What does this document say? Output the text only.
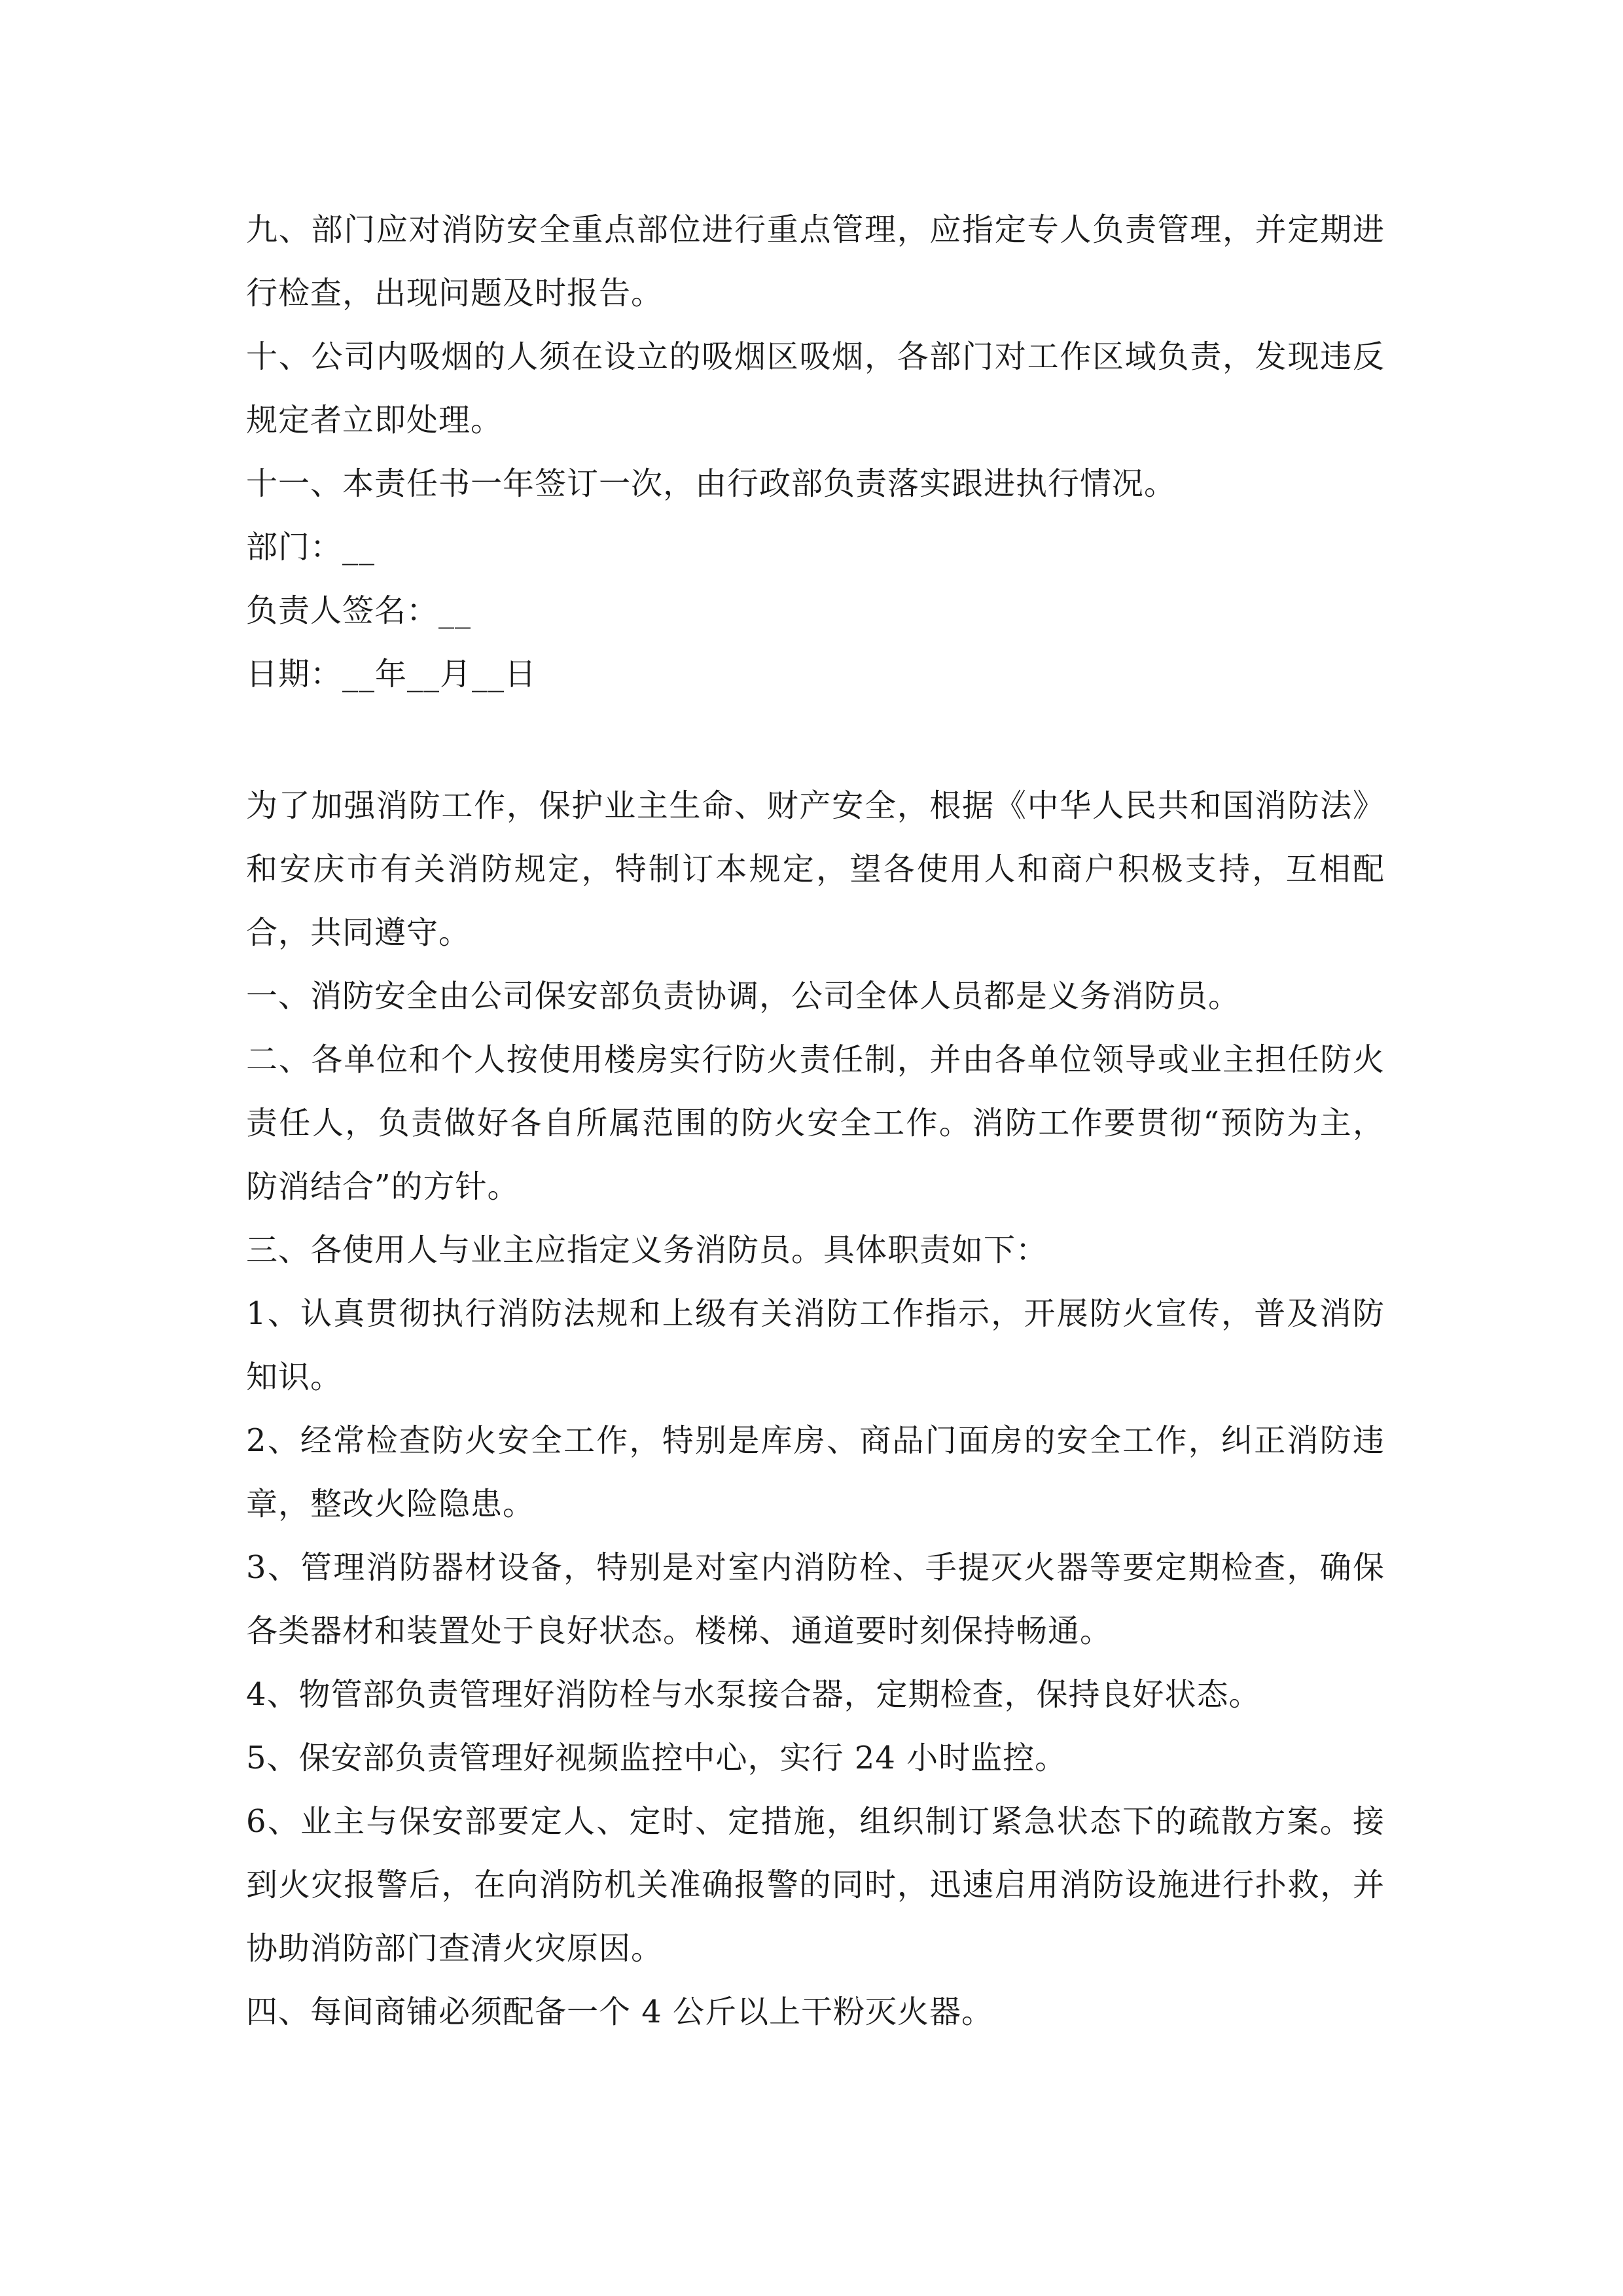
九、部门应对消防安全重点部位进行重点管理，应指定专人负责管理，并定期进行检查，出现问题及时报告。

十、公司内吸烟的人须在设立的吸烟区吸烟，各部门对工作区域负责，发现违反规定者立即处理。

十一、本责任书一年签订一次，由行政部负责落实跟进执行情况。

部门：__

负责人签名：__

日期：__年__月__日

为了加强消防工作，保护业主生命、财产安全，根据《中华人民共和国消防法》和安庆市有关消防规定，特制订本规定，望各使用人和商户积极支持，互相配合，共同遵守。

一、消防安全由公司保安部负责协调，公司全体人员都是义务消防员。

二、各单位和个人按使用楼房实行防火责任制，并由各单位领导或业主担任防火责任人，负责做好各自所属范围的防火安全工作。消防工作要贯彻“预防为主，防消结合”的方针。

三、各使用人与业主应指定义务消防员。具体职责如下：

1、认真贯彻执行消防法规和上级有关消防工作指示，开展防火宣传，普及消防知识。

2、经常检查防火安全工作，特别是库房、商品门面房的安全工作，纠正消防违章，整改火险隐患。

3、管理消防器材设备，特别是对室内消防栓、手提灭火器等要定期检查，确保各类器材和装置处于良好状态。楼梯、通道要时刻保持畅通。

4、物管部负责管理好消防栓与水泵接合器，定期检查，保持良好状态。

5、保安部负责管理好视频监控中心，实行 24 小时监控。

6、业主与保安部要定人、定时、定措施，组织制订紧急状态下的疏散方案。接到火灾报警后，在向消防机关准确报警的同时，迅速启用消防设施进行扑救，并协助消防部门查清火灾原因。

四、每间商铺必须配备一个 4 公斤以上干粉灭火器。
